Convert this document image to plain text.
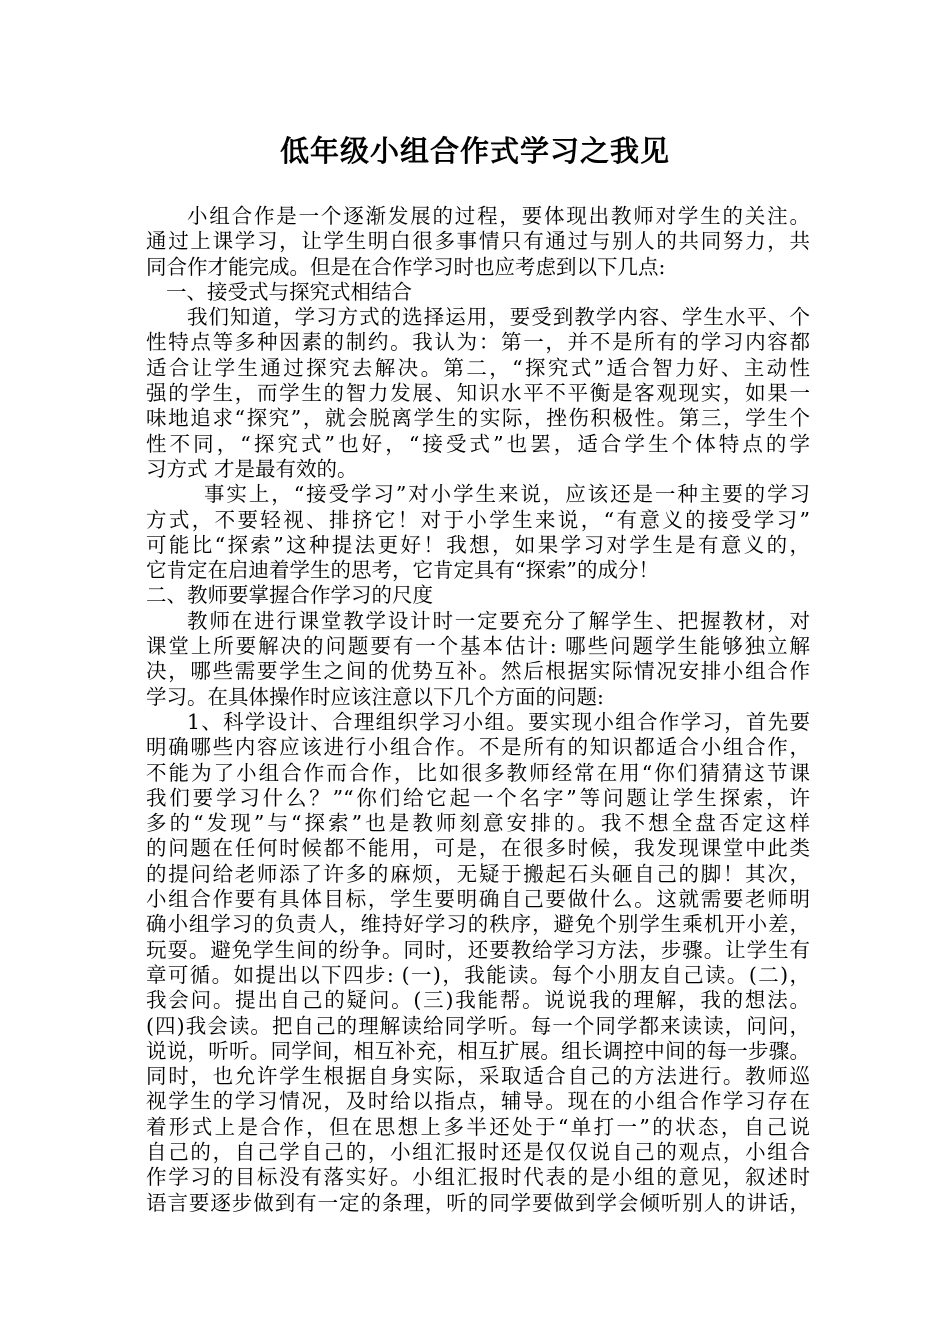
低年级小组合作式学习之我见
小组合作是一个逐渐发展的过程，要体现出教师对学生的关注。
通过上课学习，让学生明白很多事情只有通过与别人的共同努力，共
同合作才能完成。但是在合作学习时也应考虑到以下几点:
一、接受式与探究式相结合
我们知道，学习方式的选择运用，要受到教学内容、学生水平、个
性特点等多种因素的制约。我认为：第一，并不是所有的学习内容都
适合让学生通过探究去解决。第二，“探究式”适合智力好、主动性
强的学生，而学生的智力发展、知识水平不平衡是客观现实，如果一
味地追求“探究”，就会脱离学生的实际，挫伤积极性。第三，学生个
性不同，“探究式”也好，“接受式”也罢，适合学生个体特点的学
习方式 才是最有效的。
事实上，“接受学习”对小学生来说，应该还是一种主要的学习
方式，不要轻视、排挤它！对于小学生来说，“有意义的接受学习”
可能比“探索”这种提法更好！我想，如果学习对学生是有意义的，
它肯定在启迪着学生的思考，它肯定具有“探索”的成分！
二、教师要掌握合作学习的尺度
教师在进行课堂教学设计时一定要充分了解学生、把握教材，对
课堂上所要解决的问题要有一个基本估计: 哪些问题学生能够独立解
决，哪些需要学生之间的优势互补。然后根据实际情况安排小组合作
学习。在具体操作时应该注意以下几个方面的问题:
1、科学设计、合理组织学习小组。要实现小组合作学习，首先要
明确哪些内容应该进行小组合作。不是所有的知识都适合小组合作，
不能为了小组合作而合作，比如很多教师经常在用“你们猜猜这节课
我们要学习什么？”“你们给它起一个名字”等问题让学生探索，许
多的“发现”与“探索”也是教师刻意安排的。我不想全盘否定这样
的问题在任何时候都不能用，可是，在很多时候，我发现课堂中此类
的提问给老师添了许多的麻烦，无疑于搬起石头砸自己的脚！其次，
小组合作要有具体目标，学生要明确自己要做什么。这就需要老师明
确小组学习的负责人，维持好学习的秩序，避免个别学生乘机开小差，
玩耍。避免学生间的纷争。同时，还要教给学习方法，步骤。让学生有
章可循。如提出以下四步: (一)，我能读。每个小朋友自己读。(二)，
我会问。提出自己的疑问。(三)我能帮。说说我的理解，我的想法。
(四)我会读。把自己的理解读给同学听。每一个同学都来读读，问问，
说说，听听。同学间，相互补充，相互扩展。组长调控中间的每一步骤。
同时，也允许学生根据自身实际，采取适合自己的方法进行。教师巡
视学生的学习情况，及时给以指点，辅导。现在的小组合作学习存在
着形式上是合作，但在思想上多半还处于“单打一”的状态，自己说
自己的，自己学自己的，小组汇报时还是仅仅说自己的观点，小组合
作学习的目标没有落实好。小组汇报时代表的是小组的意见，叙述时
语言要逐步做到有一定的条理，听的同学要做到学会倾听别人的讲话，
